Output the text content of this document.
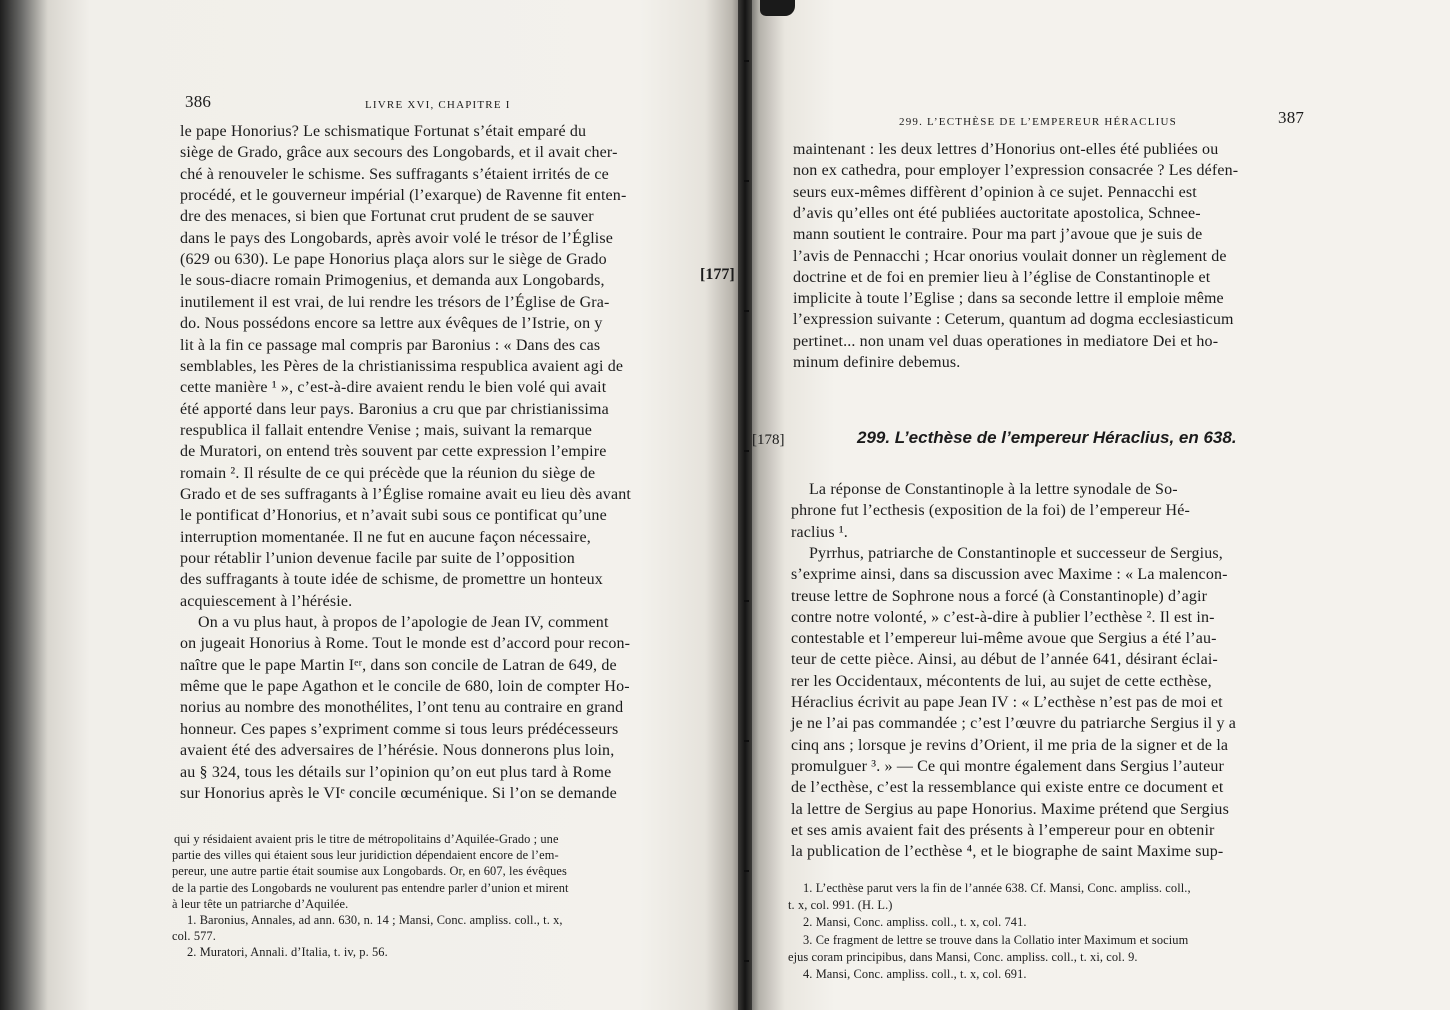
386	LIVRE XVI, CHAPITRE I
le pape Honorius? Le schismatique Fortunat s’était emparé du
siège de Grado, grâce aux secours des Longobards, et il avait cher-
ché à renouveler le schisme. Ses suffragants s’étaient irrités de ce
procédé, et le gouverneur impérial (l’exarque) de Ravenne fit enten-
dre des menaces, si bien que Fortunat crut prudent de se sauver
dans le pays des Longobards, après avoir volé le trésor de l’Église
(629 ou 630). Le pape Honorius plaça alors sur le siège de Grado
le sous-diacre romain Primogenius, et demanda aux Longobards,
inutilement il est vrai, de lui rendre les trésors de l’Église de Gra-
do. Nous possédons encore sa lettre aux évêques de l’Istrie, on y
lit à la fin ce passage mal compris par Baronius : « Dans des cas
semblables, les Pères de la christianissima respublica avaient agi de
cette manière ¹ », c’est-à-dire avaient rendu le bien volé qui avait
été apporté dans leur pays. Baronius a cru que par christianissima
respublica il fallait entendre Venise ; mais, suivant la remarque
de Muratori, on entend très souvent par cette expression l’empire
romain ². Il résulte de ce qui précède que la réunion du siège de
Grado et de ses suffragants à l’Église romaine avait eu lieu dès avant
le pontificat d’Honorius, et n’avait subi sous ce pontificat qu’une
interruption momentanée. Il ne fut en aucune façon nécessaire,
pour rétablir l’union devenue facile par suite de l’opposition
des suffragants à toute idée de schisme, de promettre un honteux
acquiescement à l’hérésie.
On a vu plus haut, à propos de l’apologie de Jean IV, comment
on jugeait Honorius à Rome. Tout le monde est d’accord pour recon-
naître que le pape Martin Iᵉʳ, dans son concile de Latran de 649, de
même que le pape Agathon et le concile de 680, loin de compter Ho-
norius au nombre des monothélites, l’ont tenu au contraire en grand
honneur. Ces papes s’expriment comme si tous leurs prédécesseurs
avaient été des adversaires de l’hérésie. Nous donnerons plus loin,
au § 324, tous les détails sur l’opinion qu’on eut plus tard à Rome
sur Honorius après le VIᵉ concile œcuménique. Si l’on se demande
qui y résidaient avaient pris le titre de métropolitains d’Aquilée-Grado ; une
partie des villes qui étaient sous leur juridiction dépendaient encore de l’em-
pereur, une autre partie était soumise aux Longobards. Or, en 607, les évêques
de la partie des Longobards ne voulurent pas entendre parler d’union et mirent
à leur tête un patriarche d’Aquilée.
1. Baronius, Annales, ad ann. 630, n. 14 ; Mansi, Conc. ampliss. coll., t. x,
col. 577.
2. Muratori, Annali. d’Italia, t. iv, p. 56.
299. L’ECTHÈSE DE L’EMPEREUR HÉRACLIUS	387
maintenant : les deux lettres d’Honorius ont-elles été publiées ou
non ex cathedra, pour employer l’expression consacrée ? Les défen-
seurs eux-mêmes diffèrent d’opinion à ce sujet. Pennacchi est
d’avis qu’elles ont été publiées auctoritate apostolica, Schnee-
mann soutient le contraire. Pour ma part j’avoue que je suis de
l’avis de Pennacchi ; Hcar onorius voulait donner un règlement de
doctrine et de foi en premier lieu à l’église de Constantinople et
implicite à toute l’Eglise ; dans sa seconde lettre il emploie même
l’expression suivante : Ceterum, quantum ad dogma ecclesiasticum
pertinet... non unam vel duas operationes in mediatore Dei et ho-
minum definire debemus.
299. L’ecthèse de l’empereur Héraclius, en 638.
La réponse de Constantinople à la lettre synodale de So-
phrone fut l’ecthesis (exposition de la foi) de l’empereur Hé-
raclius ¹.
Pyrrhus, patriarche de Constantinople et successeur de Sergius,
s’exprime ainsi, dans sa discussion avec Maxime : « La malencon-
treuse lettre de Sophrone nous a forcé (à Constantinople) d’agir
contre notre volonté, » c’est-à-dire à publier l’ecthèse ². Il est in-
contestable et l’empereur lui-même avoue que Sergius a été l’au-
teur de cette pièce. Ainsi, au début de l’année 641, désirant éclai-
rer les Occidentaux, mécontents de lui, au sujet de cette ecthèse,
Héraclius écrivit au pape Jean IV : « L’ecthèse n’est pas de moi et
je ne l’ai pas commandée ; c’est l’œuvre du patriarche Sergius il y a
cinq ans ; lorsque je revins d’Orient, il me pria de la signer et de la
promulguer ³. » — Ce qui montre également dans Sergius l’auteur
de l’ecthèse, c’est la ressemblance qui existe entre ce document et
la lettre de Sergius au pape Honorius. Maxime prétend que Sergius
et ses amis avaient fait des présents à l’empereur pour en obtenir
la publication de l’ecthèse ⁴, et le biographe de saint Maxime sup-
1. L’ecthèse parut vers la fin de l’année 638. Cf. Mansi, Conc. ampliss. coll.,
t. x, col. 991. (H. L.)
2. Mansi, Conc. ampliss. coll., t. x, col. 741.
3. Ce fragment de lettre se trouve dans la Collatio inter Maximum et socium
ejus coram principibus, dans Mansi, Conc. ampliss. coll., t. xi, col. 9.
4. Mansi, Conc. ampliss. coll., t. x, col. 691.
[177]
[178]
